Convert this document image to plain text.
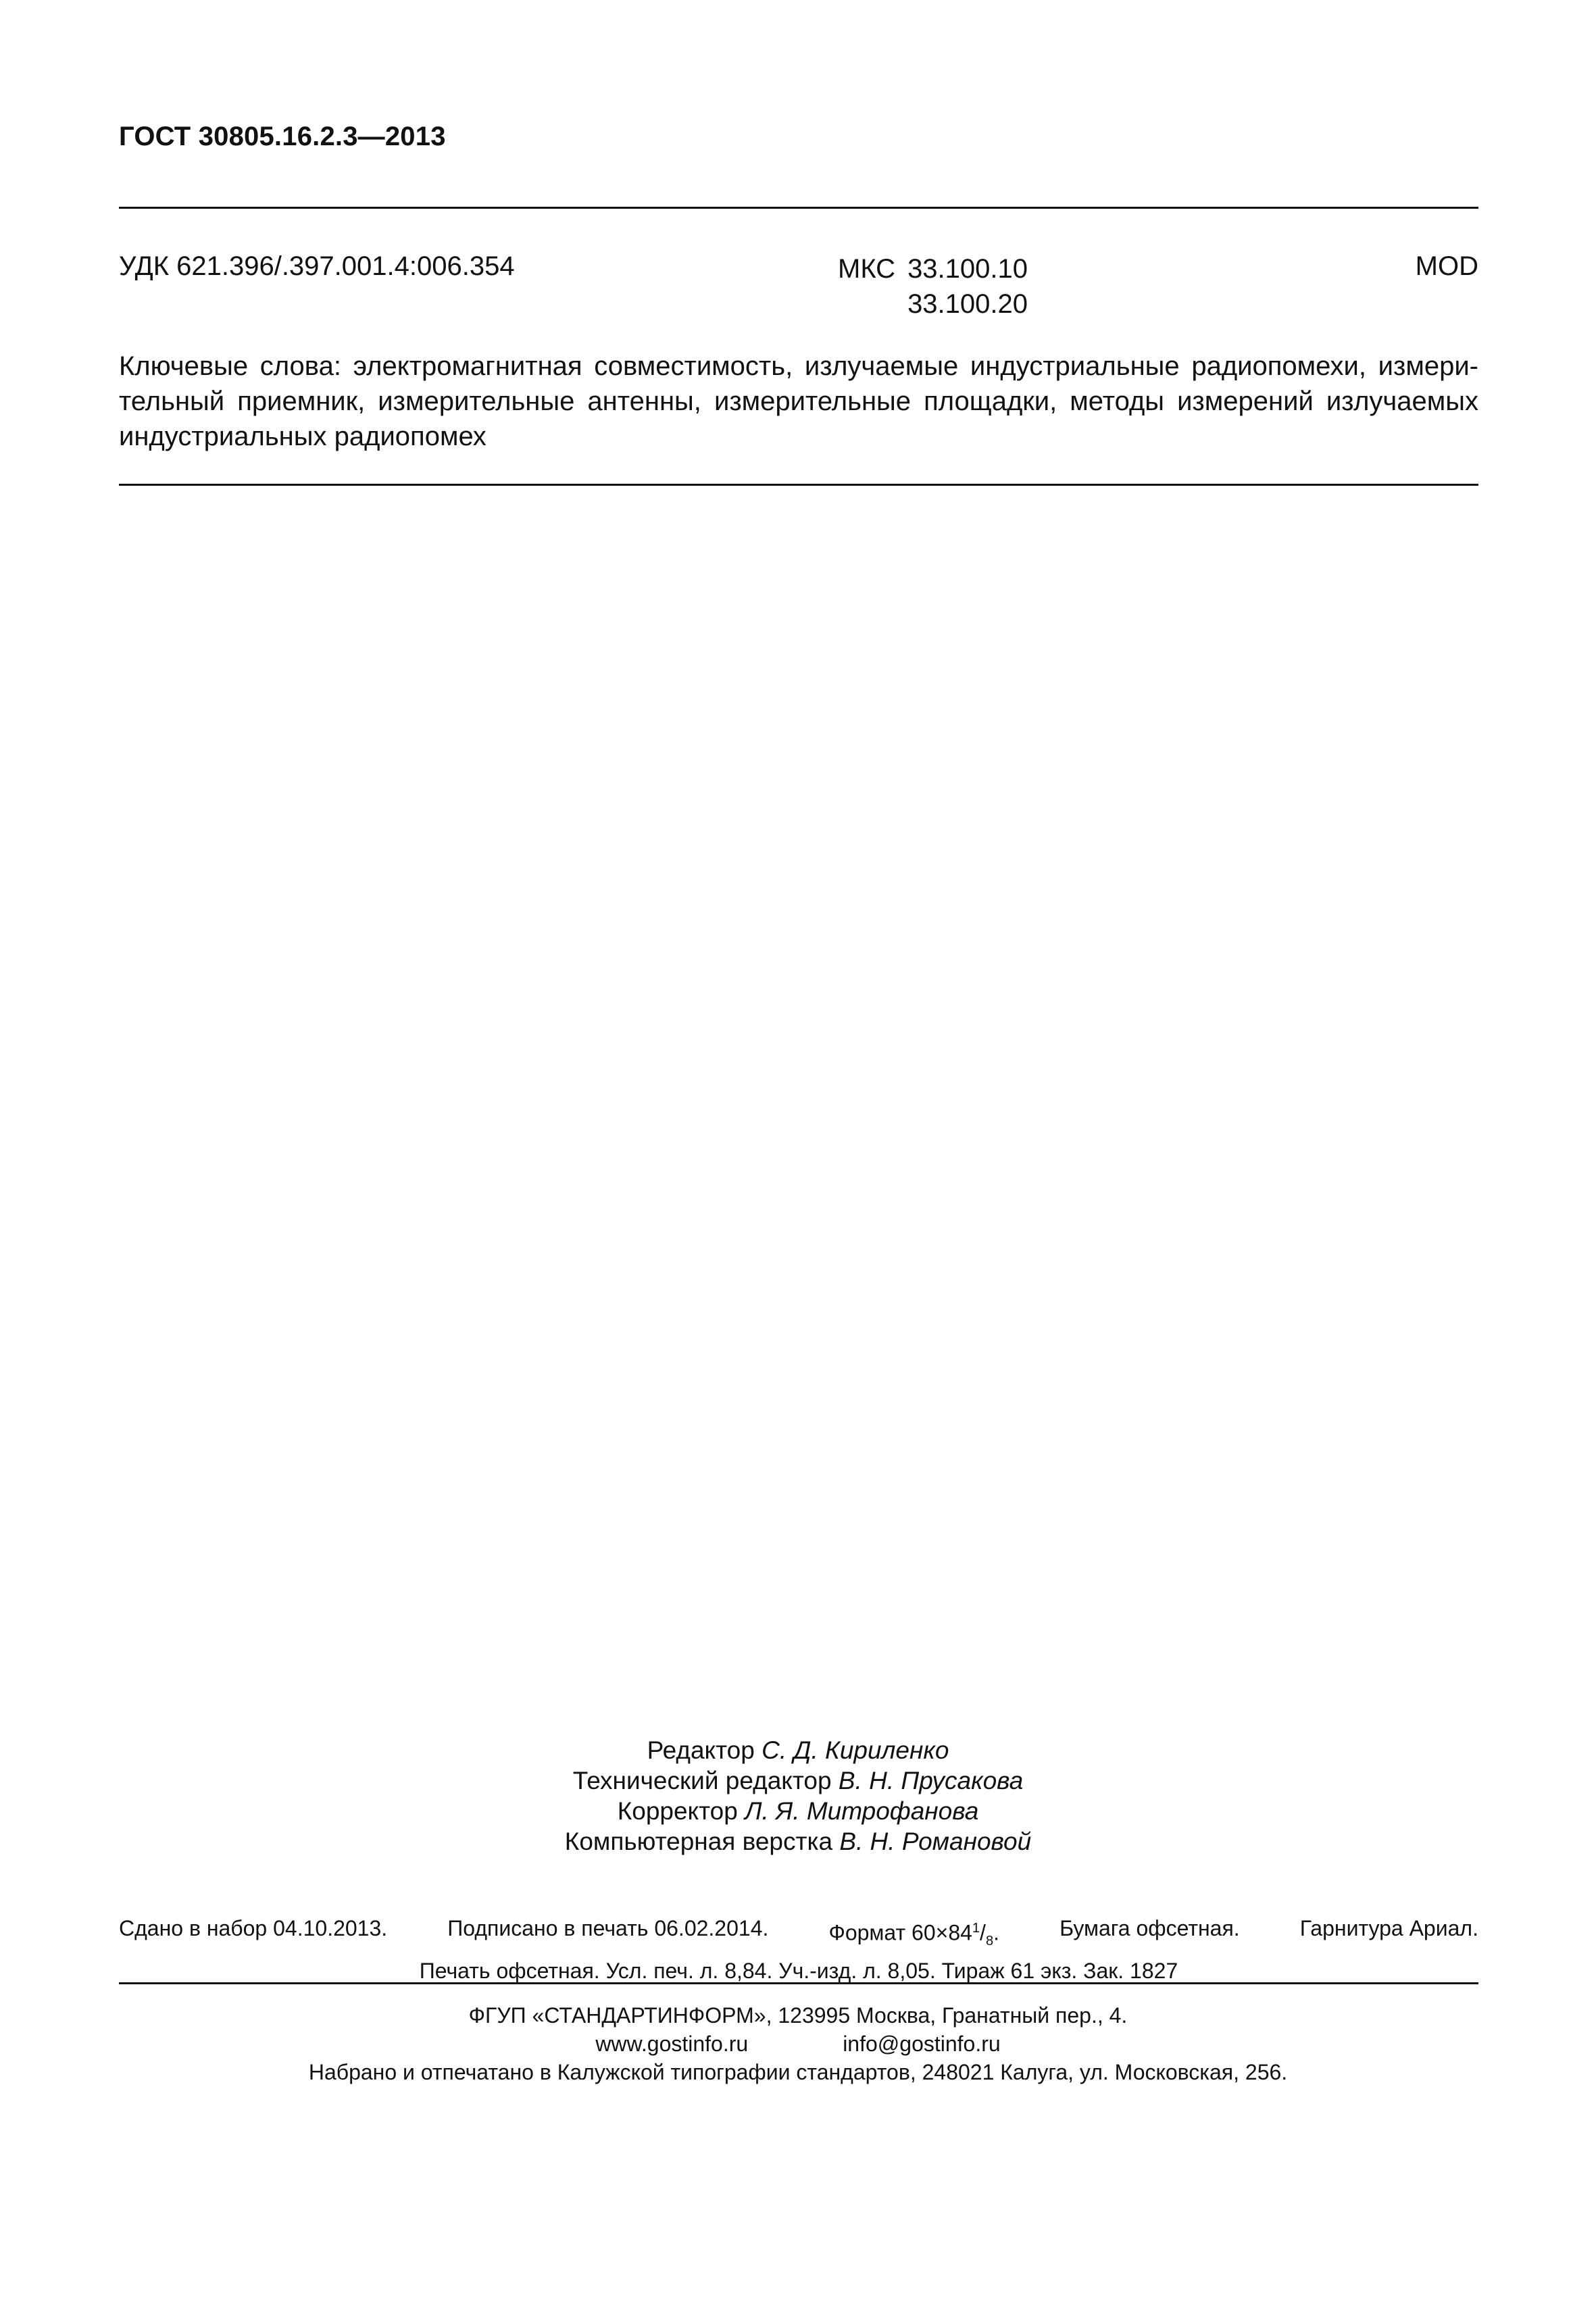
ГОСТ 30805.16.2.3—2013
УДК 621.396/.397.001.4:006.354	МКС 33.100.10
33.100.20
MOD
Ключевые слова: электромагнитная совместимость, излучаемые индустриальные радиопомехи, измери-
тельный приемник, измерительные антенны, измерительные площадки, методы измерений излучаемых
индустриальных радиопомех
Редактор С. Д. Кириленко
Технический редактор В. Н. Прусакова
Корректор Л. Я. Митрофанова
Компьютерная верстка В. Н. Романовой
Сдано в набор 04.10.2013.	Подписано в печать 06.02.2014.	Формат $60\times 84^1/_8$.	Бумага офсетная.	Гарнитура Ариал.
Печать офсетная. Усл. печ. л. 8,84. Уч.-изд. л. 8,05. Тираж 61 экз. Зак. 1827
ФГУП «СТАНДАРТИНФОРМ», 123995 Москва, Гранатный пер., 4.
www.gostinfo.ru	info@gostinfo.ru
Набрано и отпечатано в Калужской типографии стандартов, 248021 Калуга, ул. Московская, 256.
